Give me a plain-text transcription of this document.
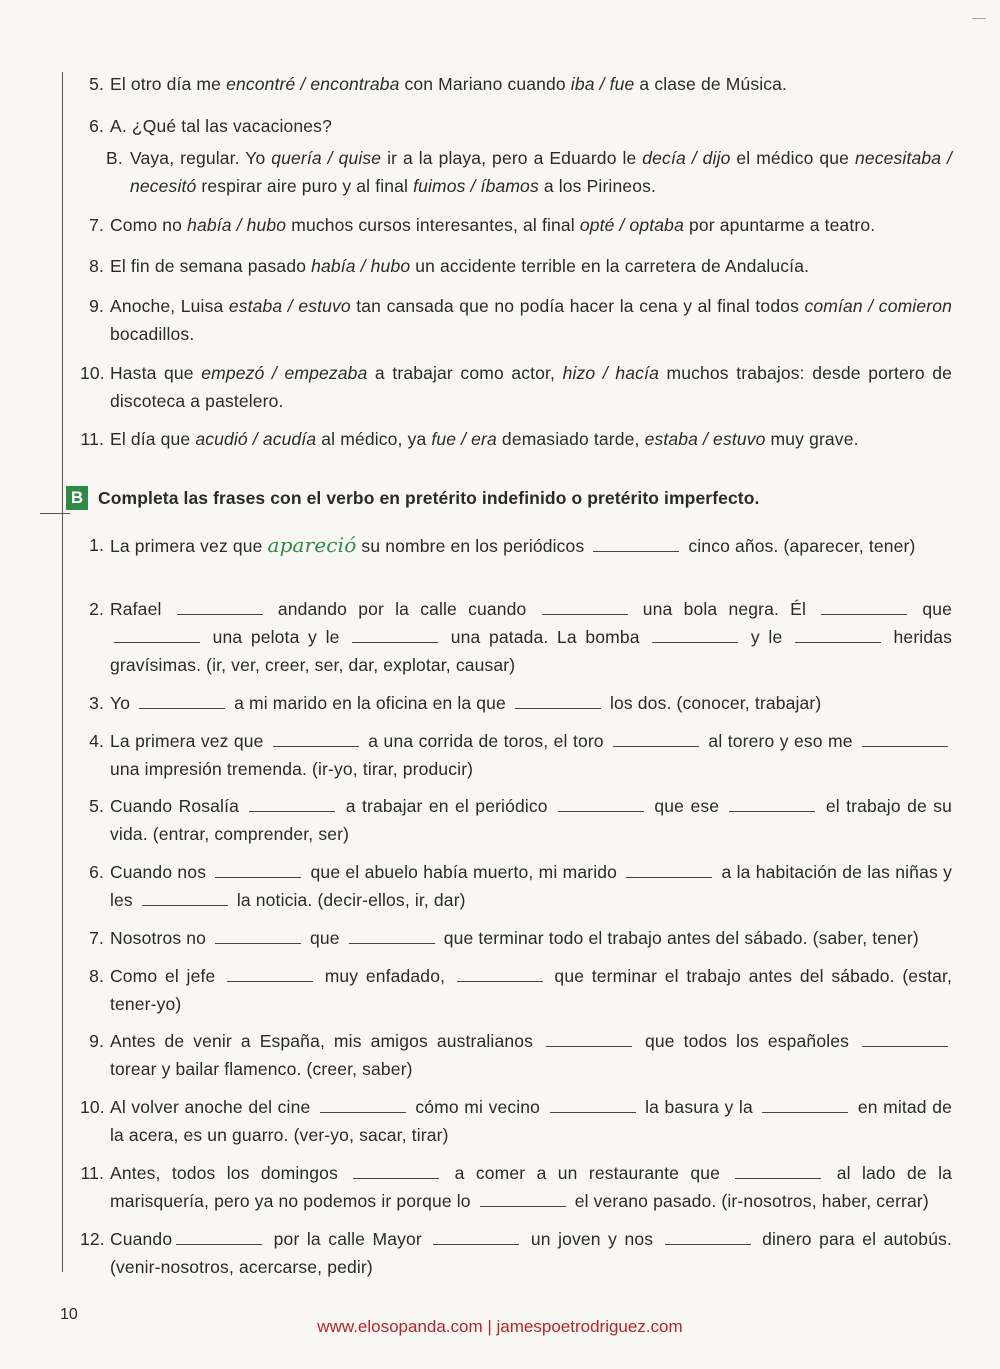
5. El otro día me encontré / encontraba con Mariano cuando iba / fue a clase de Música.
6. A. ¿Qué tal las vacaciones?
B. Vaya, regular. Yo quería / quise ir a la playa, pero a Eduardo le decía / dijo el médico que necesitaba / necesitó respirar aire puro y al final fuimos / íbamos a los Pirineos.
7. Como no había / hubo muchos cursos interesantes, al final opté / optaba por apuntarme a teatro.
8. El fin de semana pasado había / hubo un accidente terrible en la carretera de Andalucía.
9. Anoche, Luisa estaba / estuvo tan cansada que no podía hacer la cena y al final todos comían / comieron bocadillos.
10. Hasta que empezó / empezaba a trabajar como actor, hizo / hacía muchos trabajos: desde portero de discoteca a pastelero.
11. El día que acudió / acudía al médico, ya fue / era demasiado tarde, estaba / estuvo muy grave.
B Completa las frases con el verbo en pretérito indefinido o pretérito imperfecto.
1. La primera vez que apareció su nombre en los periódicos	cinco años. (aparecer, tener)
2. Rafael	andando por la calle cuando	una bola negra. Él	que  una pelota y le	una patada. La bomba	y le	heridas gravísimas. (ir, ver, creer, ser, dar, explotar, causar)
3. Yo	a mi marido en la oficina en la que	los dos. (conocer, trabajar)
4. La primera vez que	a una corrida de toros, el toro	al torero y eso me  una impresión tremenda. (ir-yo, tirar, producir)
5. Cuando Rosalía	a trabajar en el periódico	que ese	el trabajo de su vida. (entrar, comprender, ser)
6. Cuando nos	que el abuelo había muerto, mi marido	a la habitación de las niñas y les	la noticia. (decir-ellos, ir, dar)
7. Nosotros no	que	que terminar todo el trabajo antes del sábado. (saber, tener)
8. Como el jefe	muy enfadado,	que terminar el trabajo antes del sábado. (estar, tener-yo)
9. Antes de venir a España, mis amigos australianos	que todos los españoles  torear y bailar flamenco. (creer, saber)
10. Al volver anoche del cine	cómo mi vecino	la basura y la	en mitad de la acera, es un guarro. (ver-yo, sacar, tirar)
11. Antes, todos los domingos	a comer a un restaurante que	al lado de la marisquería, pero ya no podemos ir porque lo	el verano pasado. (ir-nosotros, haber, cerrar)
12. Cuando	por la calle Mayor	un joven y nos	dinero para el autobús. (venir-nosotros, acercarse, pedir)
10
www.elosopanda.com | jamespoetrodriguez.com
